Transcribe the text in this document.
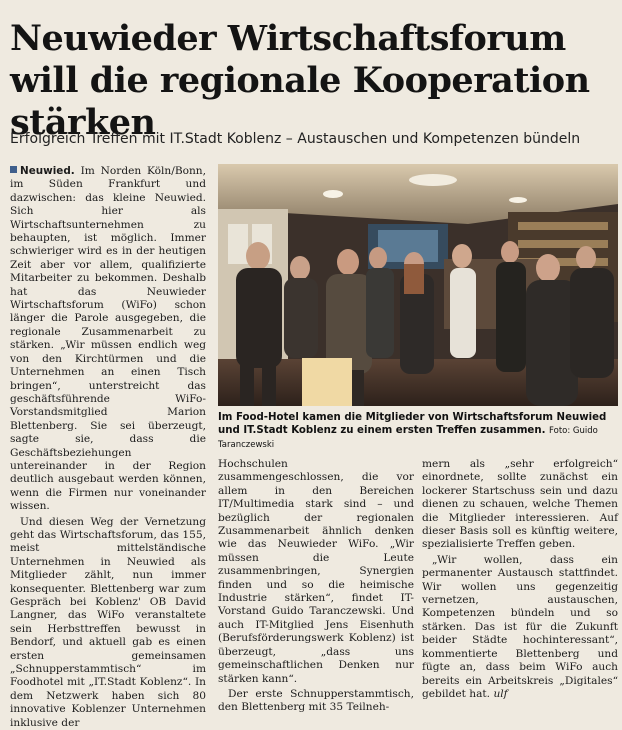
Neuwieder Wirtschaftsforum will die regionale Kooperation stärken

Erfolgreich Treffen mit IT.Stadt Koblenz – Austauschen und Kompetenzen bündeln

Neuwied. Im Norden Köln/Bonn, im Süden Frankfurt und dazwischen: das kleine Neuwied. Sich hier als Wirtschaftsunternehmen zu behaupten, ist möglich. Immer schwieriger wird es in der heutigen Zeit aber vor allem, qualifizierte Mitarbeiter zu bekommen. Deshalb hat das Neuwieder Wirtschaftsforum (WiFo) schon länger die Parole ausgegeben, die regionale Zusammenarbeit zu stärken. „Wir müssen endlich weg von den Kirchtürmen und die Unternehmen an einen Tisch bringen“, unterstreicht das geschäftsführende WiFo-Vorstandsmitglied Marion Blettenberg. Sie sei überzeugt, sagte sie, dass die Geschäftsbeziehungen untereinander in der Region deutlich ausgebaut werden können, wenn die Firmen nur voneinander wissen.

Und diesen Weg der Vernetzung geht das Wirtschaftsforum, das 155, meist mittelständische Unternehmen in Neuwied als Mitglieder zählt, nun immer konsequenter. Blettenberg war zum Gespräch bei Koblenz' OB David Langner, das WiFo veranstaltete sein Herbsttreffen bewusst in Bendorf, und aktuell gab es einen ersten gemeinsamen „Schnupperstammtisch“ im Foodhotel mit „IT.Stadt Koblenz“. In dem Netzwerk haben sich 80 innovative Koblenzer Unternehmen inklusive der

Im Food-Hotel kamen die Mitglieder von Wirtschaftsforum Neuwied und IT.Stadt Koblenz zu einem ersten Treffen zusammen. Foto: Guido Taranczewski

Hochschulen zusammengeschlossen, die vor allem in den Bereichen IT/Multimedia stark sind – und bezüglich der regionalen Zusammenarbeit ähnlich denken wie das Neuwieder WiFo. „Wir müssen die Leute zusammenbringen, Synergien finden und so die heimische Industrie stärken“, findet IT-Vorstand Guido Taranczewski. Und auch IT-Mitglied Jens Eisenhuth (Berufsförderungswerk Koblenz) ist überzeugt, „dass uns gemeinschaftlichen Denken nur stärken kann“.

Der erste Schnupperstammtisch, den Blettenberg mit 35 Teilneh-

mern als „sehr erfolgreich“ einordnete, sollte zunächst ein lockerer Startschuss sein und dazu dienen zu schauen, welche Themen die Mitglieder interessieren. Auf dieser Basis soll es künftig weitere, spezialisierte Treffen geben.

„Wir wollen, dass ein permanenter Austausch stattfindet. Wir wollen uns gegenzeitig vernetzen, austauschen, Kompetenzen bündeln und so stärken. Das ist für die Zukunft beider Städte hochinteressant“, kommentierte Blettenberg und fügte an, dass beim WiFo auch bereits ein Arbeitskreis „Digitales“ gebildet hat. ulf
